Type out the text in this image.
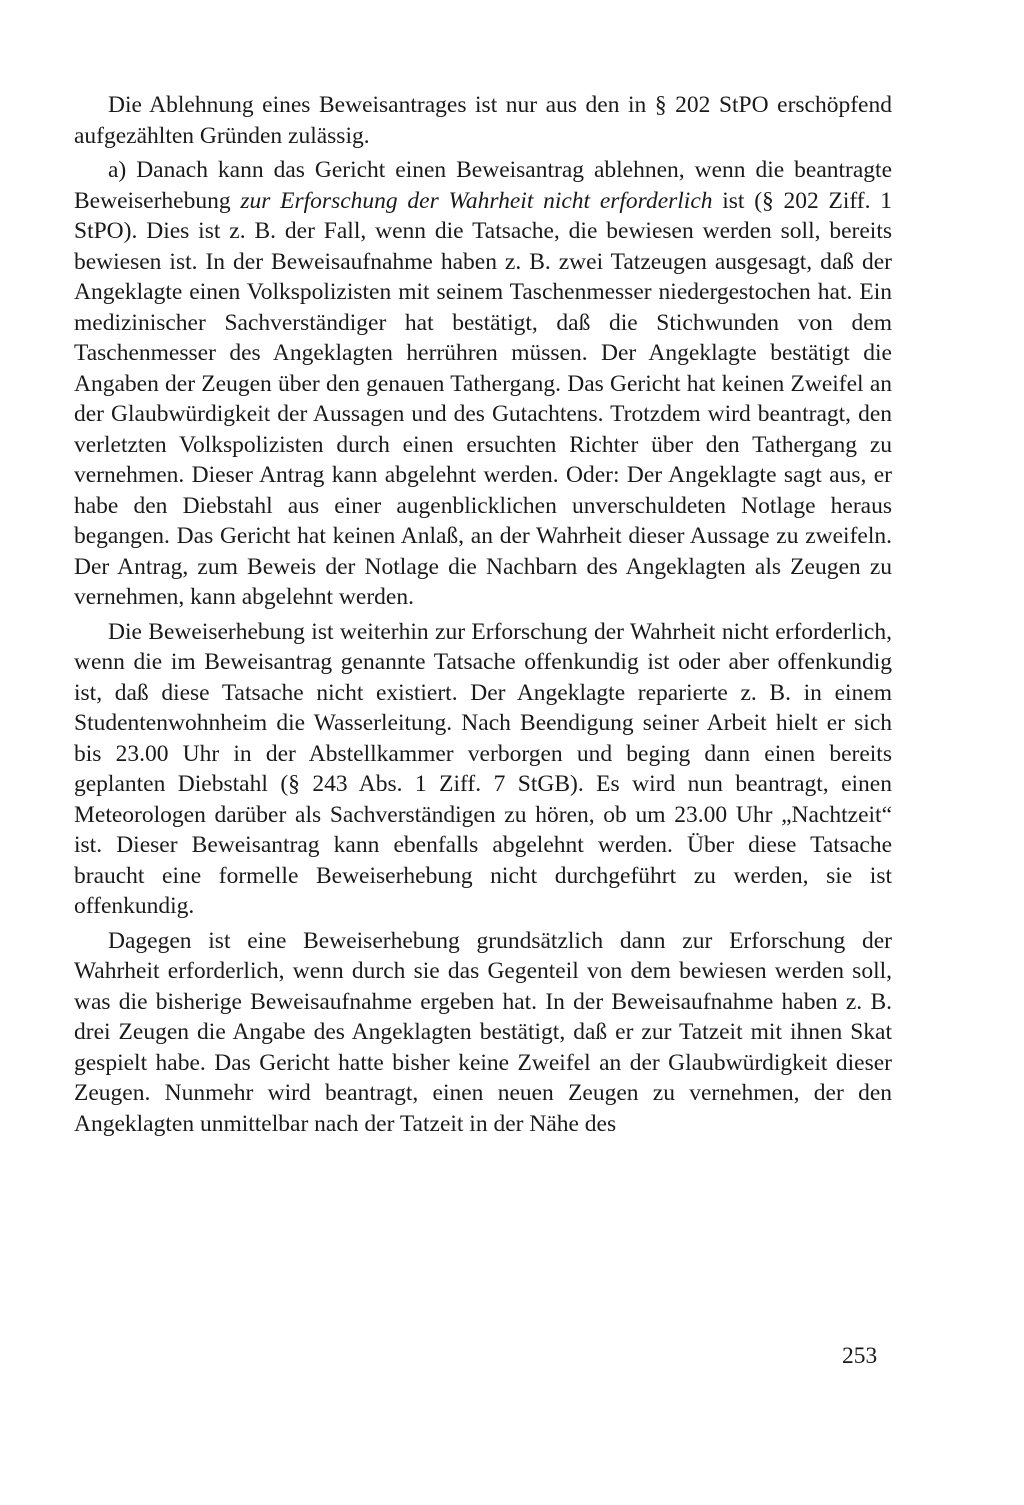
Die Ablehnung eines Beweisantrages ist nur aus den in § 202 StPO erschöpfend aufgezählten Gründen zulässig.

a) Danach kann das Gericht einen Beweisantrag ablehnen, wenn die beantragte Beweiserhebung zur Erforschung der Wahrheit nicht erforderlich ist (§ 202 Ziff. 1 StPO). Dies ist z. B. der Fall, wenn die Tatsache, die bewiesen werden soll, bereits bewiesen ist. In der Beweisaufnahme haben z. B. zwei Tatzeugen ausgesagt, daß der Angeklagte einen Volkspolizisten mit seinem Taschenmesser niedergestochen hat. Ein medizinischer Sachverständiger hat bestätigt, daß die Stichwunden von dem Taschenmesser des Angeklagten herrühren müssen. Der Angeklagte bestätigt die Angaben der Zeugen über den genauen Tathergang. Das Gericht hat keinen Zweifel an der Glaubwürdigkeit der Aussagen und des Gutachtens. Trotzdem wird beantragt, den verletzten Volkspolizisten durch einen ersuchten Richter über den Tathergang zu vernehmen. Dieser Antrag kann abgelehnt werden. Oder: Der Angeklagte sagt aus, er habe den Diebstahl aus einer augenblicklichen unverschuldeten Notlage heraus begangen. Das Gericht hat keinen Anlaß, an der Wahrheit dieser Aussage zu zweifeln. Der Antrag, zum Beweis der Notlage die Nachbarn des Angeklagten als Zeugen zu vernehmen, kann abgelehnt werden.

Die Beweiserhebung ist weiterhin zur Erforschung der Wahrheit nicht erforderlich, wenn die im Beweisantrag genannte Tatsache offenkundig ist oder aber offenkundig ist, daß diese Tatsache nicht existiert. Der Angeklagte reparierte z. B. in einem Studentenwohnheim die Wasserleitung. Nach Beendigung seiner Arbeit hielt er sich bis 23.00 Uhr in der Abstellkammer verborgen und beging dann einen bereits geplanten Diebstahl (§ 243 Abs. 1 Ziff. 7 StGB). Es wird nun beantragt, einen Meteorologen darüber als Sachverständigen zu hören, ob um 23.00 Uhr „Nachtzeit“ ist. Dieser Beweisantrag kann ebenfalls abgelehnt werden. Über diese Tatsache braucht eine formelle Beweiserhebung nicht durchgeführt zu werden, sie ist offenkundig.

Dagegen ist eine Beweiserhebung grundsätzlich dann zur Erforschung der Wahrheit erforderlich, wenn durch sie das Gegenteil von dem bewiesen werden soll, was die bisherige Beweisaufnahme ergeben hat. In der Beweisaufnahme haben z. B. drei Zeugen die Angabe des Angeklagten bestätigt, daß er zur Tatzeit mit ihnen Skat gespielt habe. Das Gericht hatte bisher keine Zweifel an der Glaubwürdigkeit dieser Zeugen. Nunmehr wird beantragt, einen neuen Zeugen zu vernehmen, der den Angeklagten unmittelbar nach der Tatzeit in der Nähe des

253
